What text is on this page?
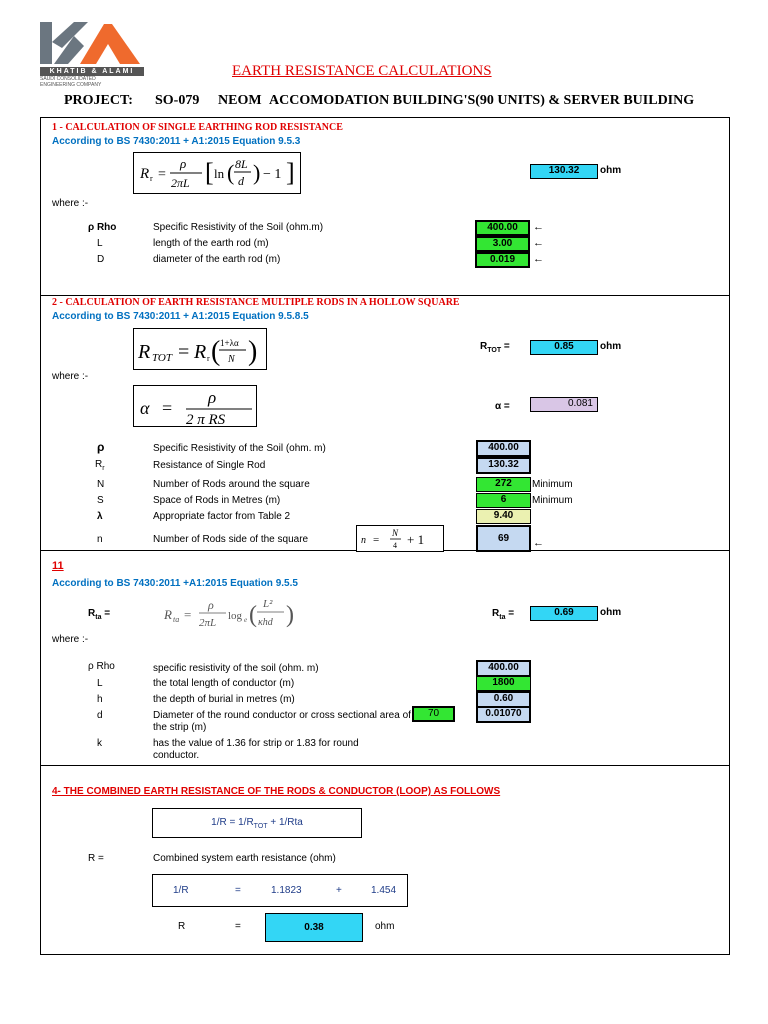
KHATIB & ALAMI
SAUDI CONSOLIDATED
ENGINEERING COMPANY
EARTH RESISTANCE CALCULATIONS
PROJECT: SO-079 NEOM ACCOMODATION BUILDING'S(90 UNITS) & SERVER BUILDING
1 - CALCULATION OF SINGLE EARTHING ROD RESISTANCE
According to BS 7430:2011 + A1:2015 Equation 9.5.3
R r =
ρ
2πL [ ln ( 8L
d ) − 1 ]	130.32	ohm
where :-
ρ Rho	Specific Resistivity of the Soil (ohm.m)	400.00	←
L	length of the earth rod (m)	3.00	←
D	diameter of the earth rod (m)	0.019	←
2 - CALCULATION OF EARTH RESISTANCE MULTIPLE RODS IN A HOLLOW SQUARE
According to BS 7430:2011 + A1:2015 Equation 9.5.8.5
R TOT = R r ( 1+λα
N )	$R_{TOT}$ =	0.85	ohm
where :-
α =
ρ
2 π RS
α =	0.081
ρ	Specific Resistivity of the Soil (ohm. m)	400.00
$R_r$	Resistance of Single Rod	130.32
N	Number of Rods around the square	272	Minimum
S	Space of Rods in Metres (m)	6	Minimum
λ	Appropriate factor from Table 2	9.40
n	Number of Rods side of the square	n =
N
4 + 1	69	←
11
According to BS 7430:2011 +A1:2015 Equation 9.5.5
$R_{ta}$ =	R ta =
ρ
2πL
log e ( L²
κhd )	$R_{ta}$ =	0.69	ohm
where :-
ρ Rho	specific resistivity of the soil (ohm. m)	400.00
L	the total length of conductor (m)	1800
h	the depth of burial in metres (m)	0.60
d	Diameter of the round conductor or cross sectional area of the strip (m)
70	0.01070
k	has the value of 1.36 for strip or 1.83 for round conductor.
4- THE COMBINED EARTH RESISTANCE OF THE RODS & CONDUCTOR (LOOP) AS FOLLOWS
$1/R = 1/R_{TOT} + 1/Rta$
R =	Combined system earth resistance (ohm)
1/R	=	1.1823	+	1.454
R	=	0.38	ohm
